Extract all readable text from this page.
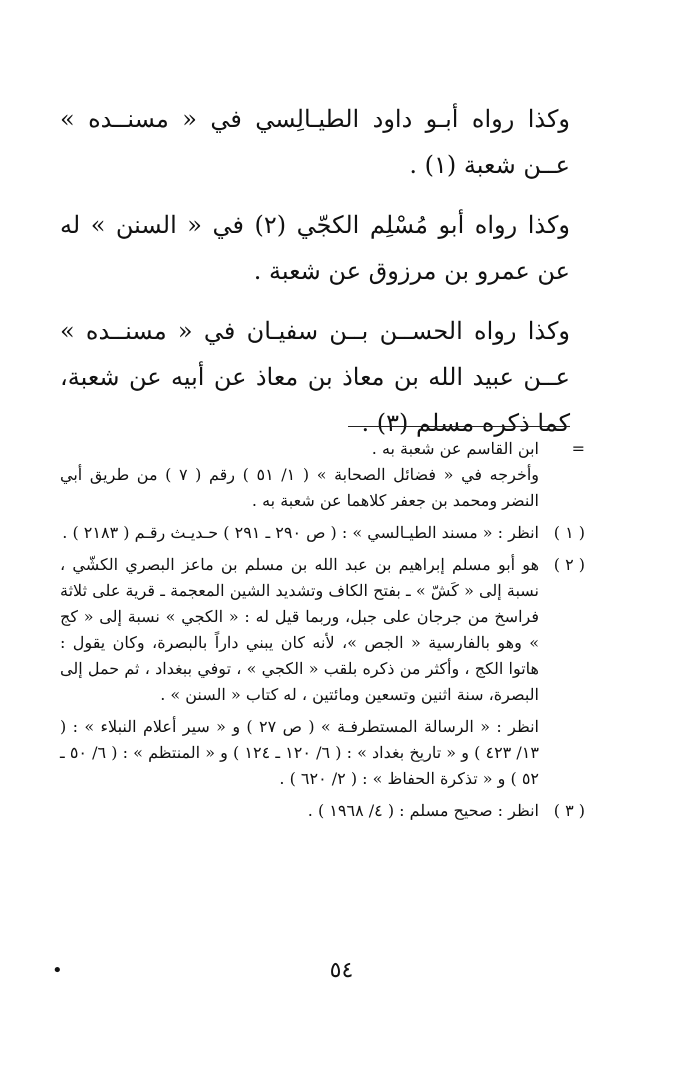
وكذا رواه أبـو داود الطيـالِسي في « مسنــده » عــن شعبة (١) .

وكذا رواه أبو مُسْلِم الكجّي (٢) في « السنن » له عن عمرو بن مرزوق عن شعبة .

وكذا رواه الحســن بــن سفيـان في « مسنــده » عــن عبيد الله بن معاذ بن معاذ عن أبيه عن شعبة، كما ذكره مسلم (٣) .

=
ابن القاسم عن شعبة به .
وأخرجه في « فضائل الصحابة » ( ١/ ٥١ ) رقم ( ٧ ) من طريق أبي النضر ومحمد بن جعفر كلاهما عن شعبة به .
( ١ )
انظر : « مسند الطيـالسي » : ( ص ٢٩٠ ـ ٢٩١ ) حـديـث رقـم ( ٢١٨٣ ) .
( ٢ )
هو أبو مسلم إبراهيم بن عبد الله بن مسلم بن ماعز البصري الكشّي ، نسبة إلى « كَشّ » ـ بفتح الكاف وتشديد الشين المعجمة ـ قرية على ثلاثة فراسخ من جرجان على جبل، وربما قيل له : « الكجي » نسبة إلى « كج » وهو بالفارسية « الجص »، لأنه كان يبني داراً بالبصرة، وكان يقول : هاتوا الكج ، وأكثر من ذكره بلقب « الكجي » ، توفي ببغداد ، ثم حمل إلى البصرة، سنة اثنين وتسعين ومائتين ، له كتاب « السنن » .
انظر : « الرسالة المستطرفـة » ( ص ٢٧ ) و « سير أعلام النبلاء » : ( ١٣/ ٤٢٣ ) و « تاريخ بغداد » : ( ٦/ ١٢٠ ـ ١٢٤ ) و « المنتظم » : ( ٦/ ٥٠ ـ ٥٢ ) و « تذكرة الحفاظ » : ( ٢/ ٦٢٠ ) .
( ٣ )
انظر : صحيح مسلم : ( ٤/ ١٩٦٨ ) .
•	٥٤
